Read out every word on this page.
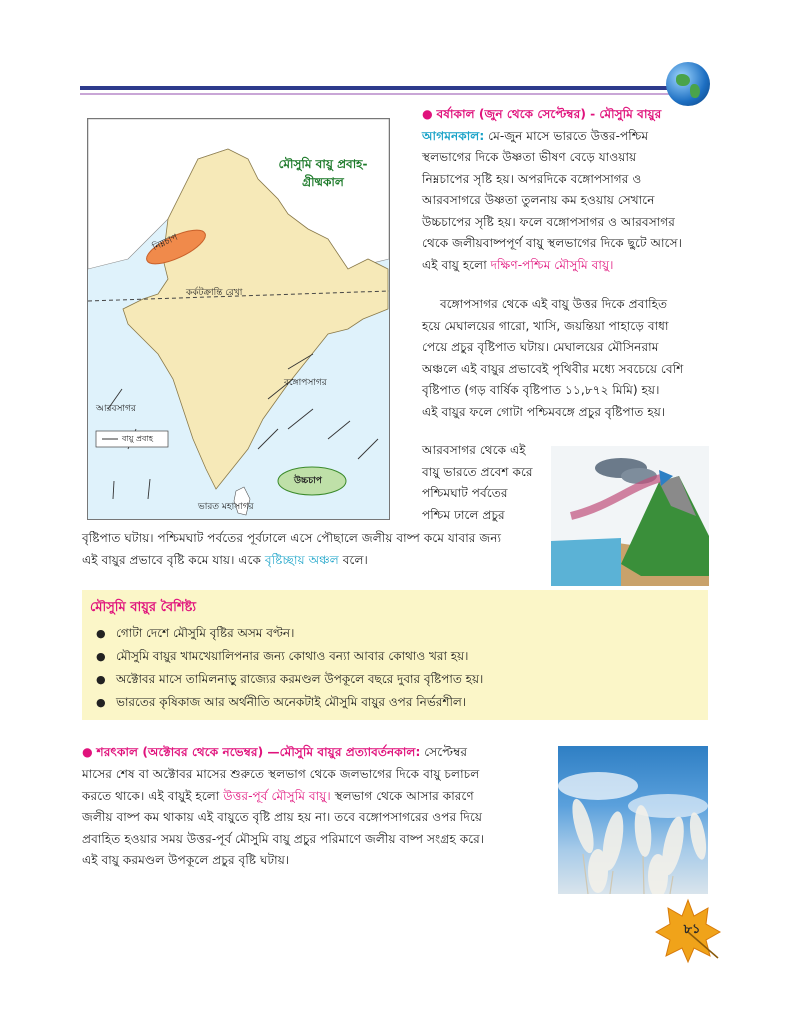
মৌসুমি বায়ু প্রবাহ-
গ্রীষ্মকাল
নিম্নচাপ
কর্কটক্রান্তি রেখা
আরবসাগর
বঙ্গোপসাগর
ভারত মহাসাগর
বায়ু প্রবাহ
উচ্চচাপ
● বর্ষাকাল (জুন থেকে সেপ্টেম্বর) - মৌসুমি বায়ুর
আগমনকাল: মে-জুন মাসে ভারতে উত্তর-পশ্চিম
স্থলভাগের দিকে উষ্ণতা ভীষণ বেড়ে যাওয়ায়
নিম্নচাপের সৃষ্টি হয়। অপরদিকে বঙ্গোপসাগর ও
আরবসাগরে উষ্ণতা তুলনায় কম হওয়ায় সেখানে
উচ্চচাপের সৃষ্টি হয়। ফলে বঙ্গোপসাগর ও আরবসাগর
থেকে জলীয়বাষ্পপূর্ণ বায়ু স্থলভাগের দিকে ছুটে আসে।
এই বায়ু হলো দক্ষিণ-পশ্চিম মৌসুমি বায়ু।
বঙ্গোপসাগর থেকে এই বায়ু উত্তর দিকে প্রবাহিত
হয়ে মেঘালয়ের গারো, খাসি, জয়ন্তিয়া পাহাড়ে বাধা
পেয়ে প্রচুর বৃষ্টিপাত ঘটায়। মেঘালয়ের মৌসিনরাম
অঞ্চলে এই বায়ুর প্রভাবেই পৃথিবীর মধ্যে সবচেয়ে বেশি
বৃষ্টিপাত (গড় বার্ষিক বৃষ্টিপাত ১১,৮৭২ মিমি) হয়।
এই বায়ুর ফলে গোটা পশ্চিমবঙ্গে প্রচুর বৃষ্টিপাত হয়।
আরবসাগর থেকে এই
বায়ু ভারতে প্রবেশ করে
পশ্চিমঘাট পর্বতের
পশ্চিম ঢালে প্রচুর
বৃষ্টিপাত ঘটায়। পশ্চিমঘাট পর্বতের পূর্বঢালে এসে পৌছালে জলীয় বাষ্প কমে যাবার জন্য
এই বায়ুর প্রভাবে বৃষ্টি কমে যায়। একে বৃষ্টিচ্ছায় অঞ্চল বলে।
মৌসুমি বায়ুর বৈশিষ্ট্য
● গোটা দেশে মৌসুমি বৃষ্টির অসম বণ্টন।
● মৌসুমি বায়ুর খামখেয়ালিপনার জন্য কোথাও বন্যা আবার কোথাও খরা হয়।
● অক্টোবর মাসে তামিলনাড়ু রাজ্যের করমণ্ডল উপকূলে বছরে দুবার বৃষ্টিপাত হয়।
● ভারতের কৃষিকাজ আর অর্থনীতি অনেকটাই মৌসুমি বায়ুর ওপর নির্ভরশীল।
● শরৎকাল (অক্টোবর থেকে নভেম্বর) —মৌসুমি বায়ুর প্রত্যাবর্তনকাল: সেপ্টেম্বর
মাসের শেষ বা অক্টোবর মাসের শুরুতে স্থলভাগ থেকে জলভাগের দিকে বায়ু চলাচল
করতে থাকে। এই বায়ুই হলো উত্তর-পূর্ব মৌসুমি বায়ু। স্থলভাগ থেকে আসার কারণে
জলীয় বাষ্প কম থাকায় এই বায়ুতে বৃষ্টি প্রায় হয় না। তবে বঙ্গোপসাগরের ওপর দিয়ে
প্রবাহিত হওয়ার সময় উত্তর-পূর্ব মৌসুমি বায়ু প্রচুর পরিমাণে জলীয় বাষ্প সংগ্রহ করে।
এই বায়ু করমণ্ডল উপকূলে প্রচুর বৃষ্টি ঘটায়।
৮১
